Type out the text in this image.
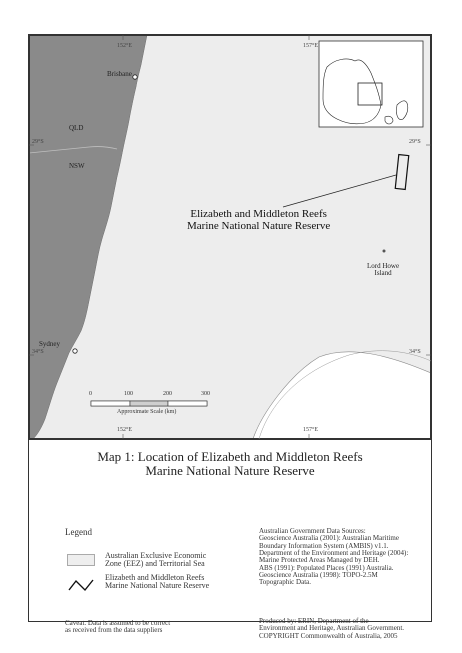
152°E	157°E
152°E	157°E
29°S
34°S
29°S
34°S
Brisbane
QLD
NSW
Sydney
Lord Howe
Island
Elizabeth and Middleton Reefs
Marine National Nature Reserve
0	100	200	300
Approximate Scale (km)
Map 1: Location of Elizabeth and Middleton Reefs
Marine National Nature Reserve
Legend
Australian Exclusive Economic
Zone (EEZ) and Territorial Sea
Elizabeth and Middleton Reefs
Marine National Nature Reserve
Australian Government Data Sources:
Geoscience Australia (2001): Australian Maritime
Boundary Information System (AMBIS) v1.1.
Department of the Environment and Heritage (2004):
Marine Protected Areas Managed by DEH.
ABS (1991): Populated Places (1991) Australia.
Geoscience Australia (1998): TOPO-2.5M
Topographic Data.
Caveat. Data is assumed to be correct
as received from the data suppliers
Produced by: ERIN, Department of the
Environment and Heritage, Australian Government.
COPYRIGHT Commonwealth of Australia, 2005
